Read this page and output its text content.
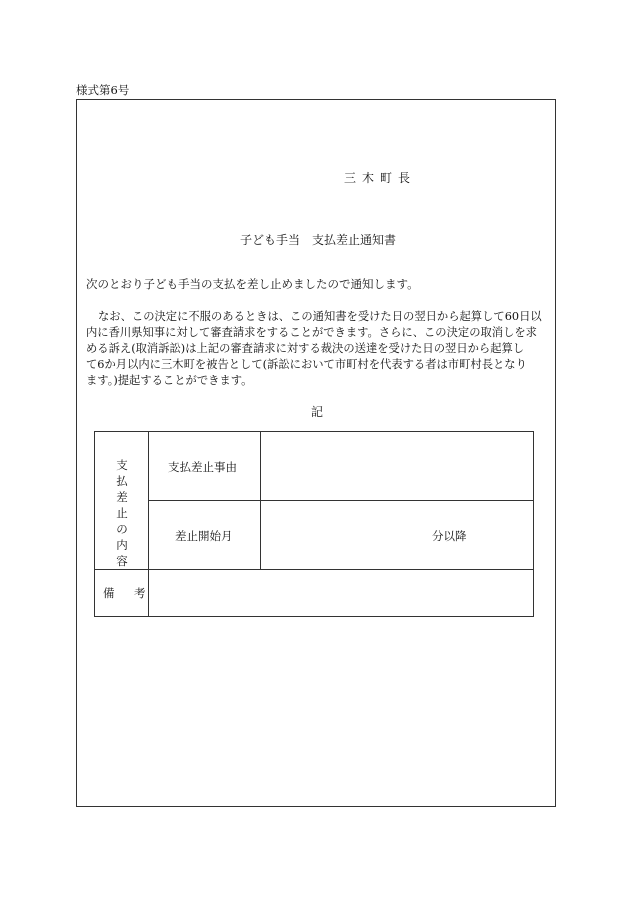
様式第6号
三木町長
子ども手当　支払差止通知書
次のとおり子ども手当の支払を差し止めましたので通知します。
なお、この決定に不服のあるときは、この通知書を受けた日の翌日から起算して60日以
内に香川県知事に対して審査請求をすることができます。さらに、この決定の取消しを求
める訴え(取消訴訟)は上記の審査請求に対する裁決の送達を受けた日の翌日から起算し
て6か月以内に三木町を被告として(訴訟において市町村を代表する者は市町村長となり
ます。)提起することができます。
記
支払差止の内容
支払差止事由
差止開始月	分以降
備　考
